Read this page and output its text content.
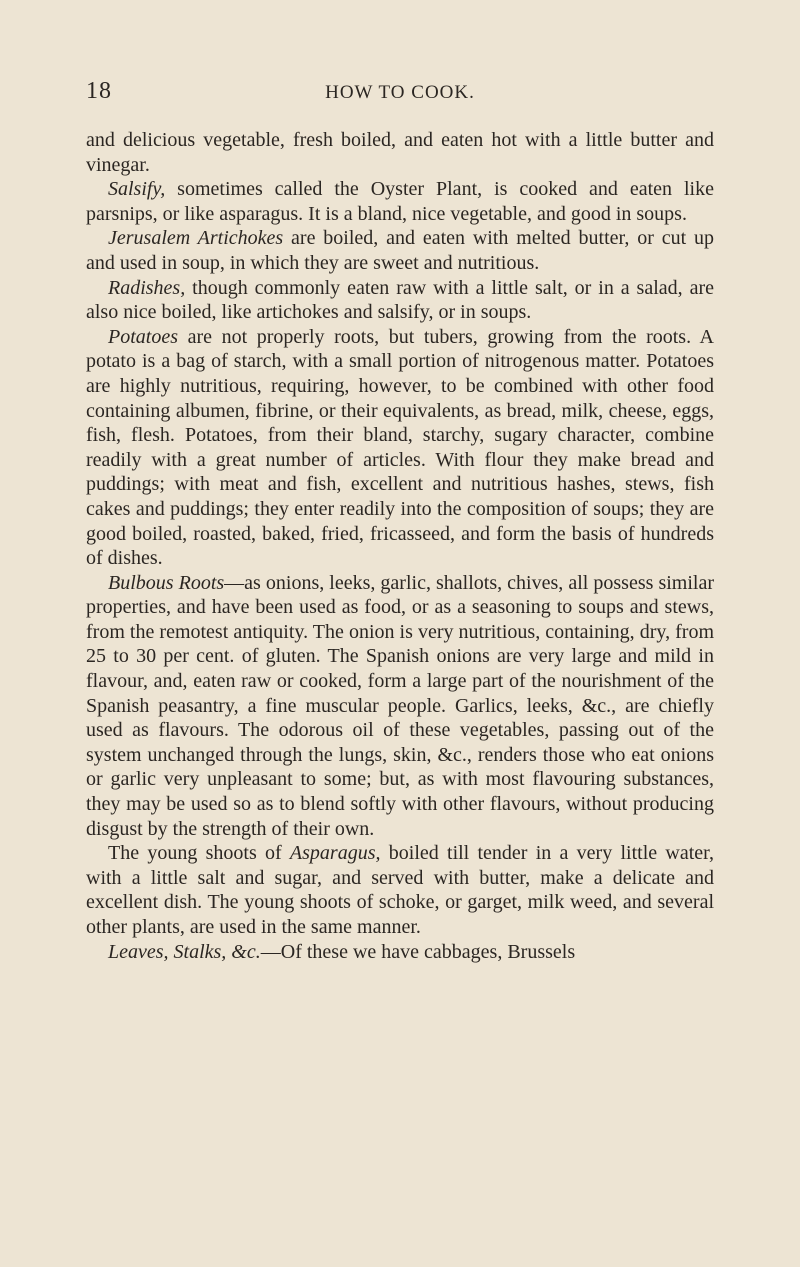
18	HOW TO COOK.

and delicious vegetable, fresh boiled, and eaten hot with a little butter and vinegar.

Salsify, sometimes called the Oyster Plant, is cooked and eaten like parsnips, or like asparagus. It is a bland, nice vegetable, and good in soups.

Jerusalem Artichokes are boiled, and eaten with melted butter, or cut up and used in soup, in which they are sweet and nutritious.

Radishes, though commonly eaten raw with a little salt, or in a salad, are also nice boiled, like artichokes and salsify, or in soups.

Potatoes are not properly roots, but tubers, growing from the roots. A potato is a bag of starch, with a small portion of nitrogenous matter. Potatoes are highly nutritious, requiring, however, to be combined with other food containing albumen, fibrine, or their equivalents, as bread, milk, cheese, eggs, fish, flesh. Potatoes, from their bland, starchy, sugary character, combine readily with a great number of articles. With flour they make bread and puddings; with meat and fish, excellent and nutritious hashes, stews, fish cakes and puddings; they enter readily into the composition of soups; they are good boiled, roasted, baked, fried, fricasseed, and form the basis of hundreds of dishes.

Bulbous Roots—as onions, leeks, garlic, shallots, chives, all possess similar properties, and have been used as food, or as a seasoning to soups and stews, from the remotest antiquity. The onion is very nutritious, containing, dry, from 25 to 30 per cent. of gluten. The Spanish onions are very large and mild in flavour, and, eaten raw or cooked, form a large part of the nourishment of the Spanish peasantry, a fine muscular people. Garlics, leeks, &c., are chiefly used as flavours. The odorous oil of these vegetables, passing out of the system unchanged through the lungs, skin, &c., renders those who eat onions or garlic very unpleasant to some; but, as with most flavouring substances, they may be used so as to blend softly with other flavours, without producing disgust by the strength of their own.

The young shoots of Asparagus, boiled till tender in a very little water, with a little salt and sugar, and served with butter, make a delicate and excellent dish. The young shoots of schoke, or garget, milk weed, and several other plants, are used in the same manner.

Leaves, Stalks, &c.—Of these we have cabbages, Brussels
